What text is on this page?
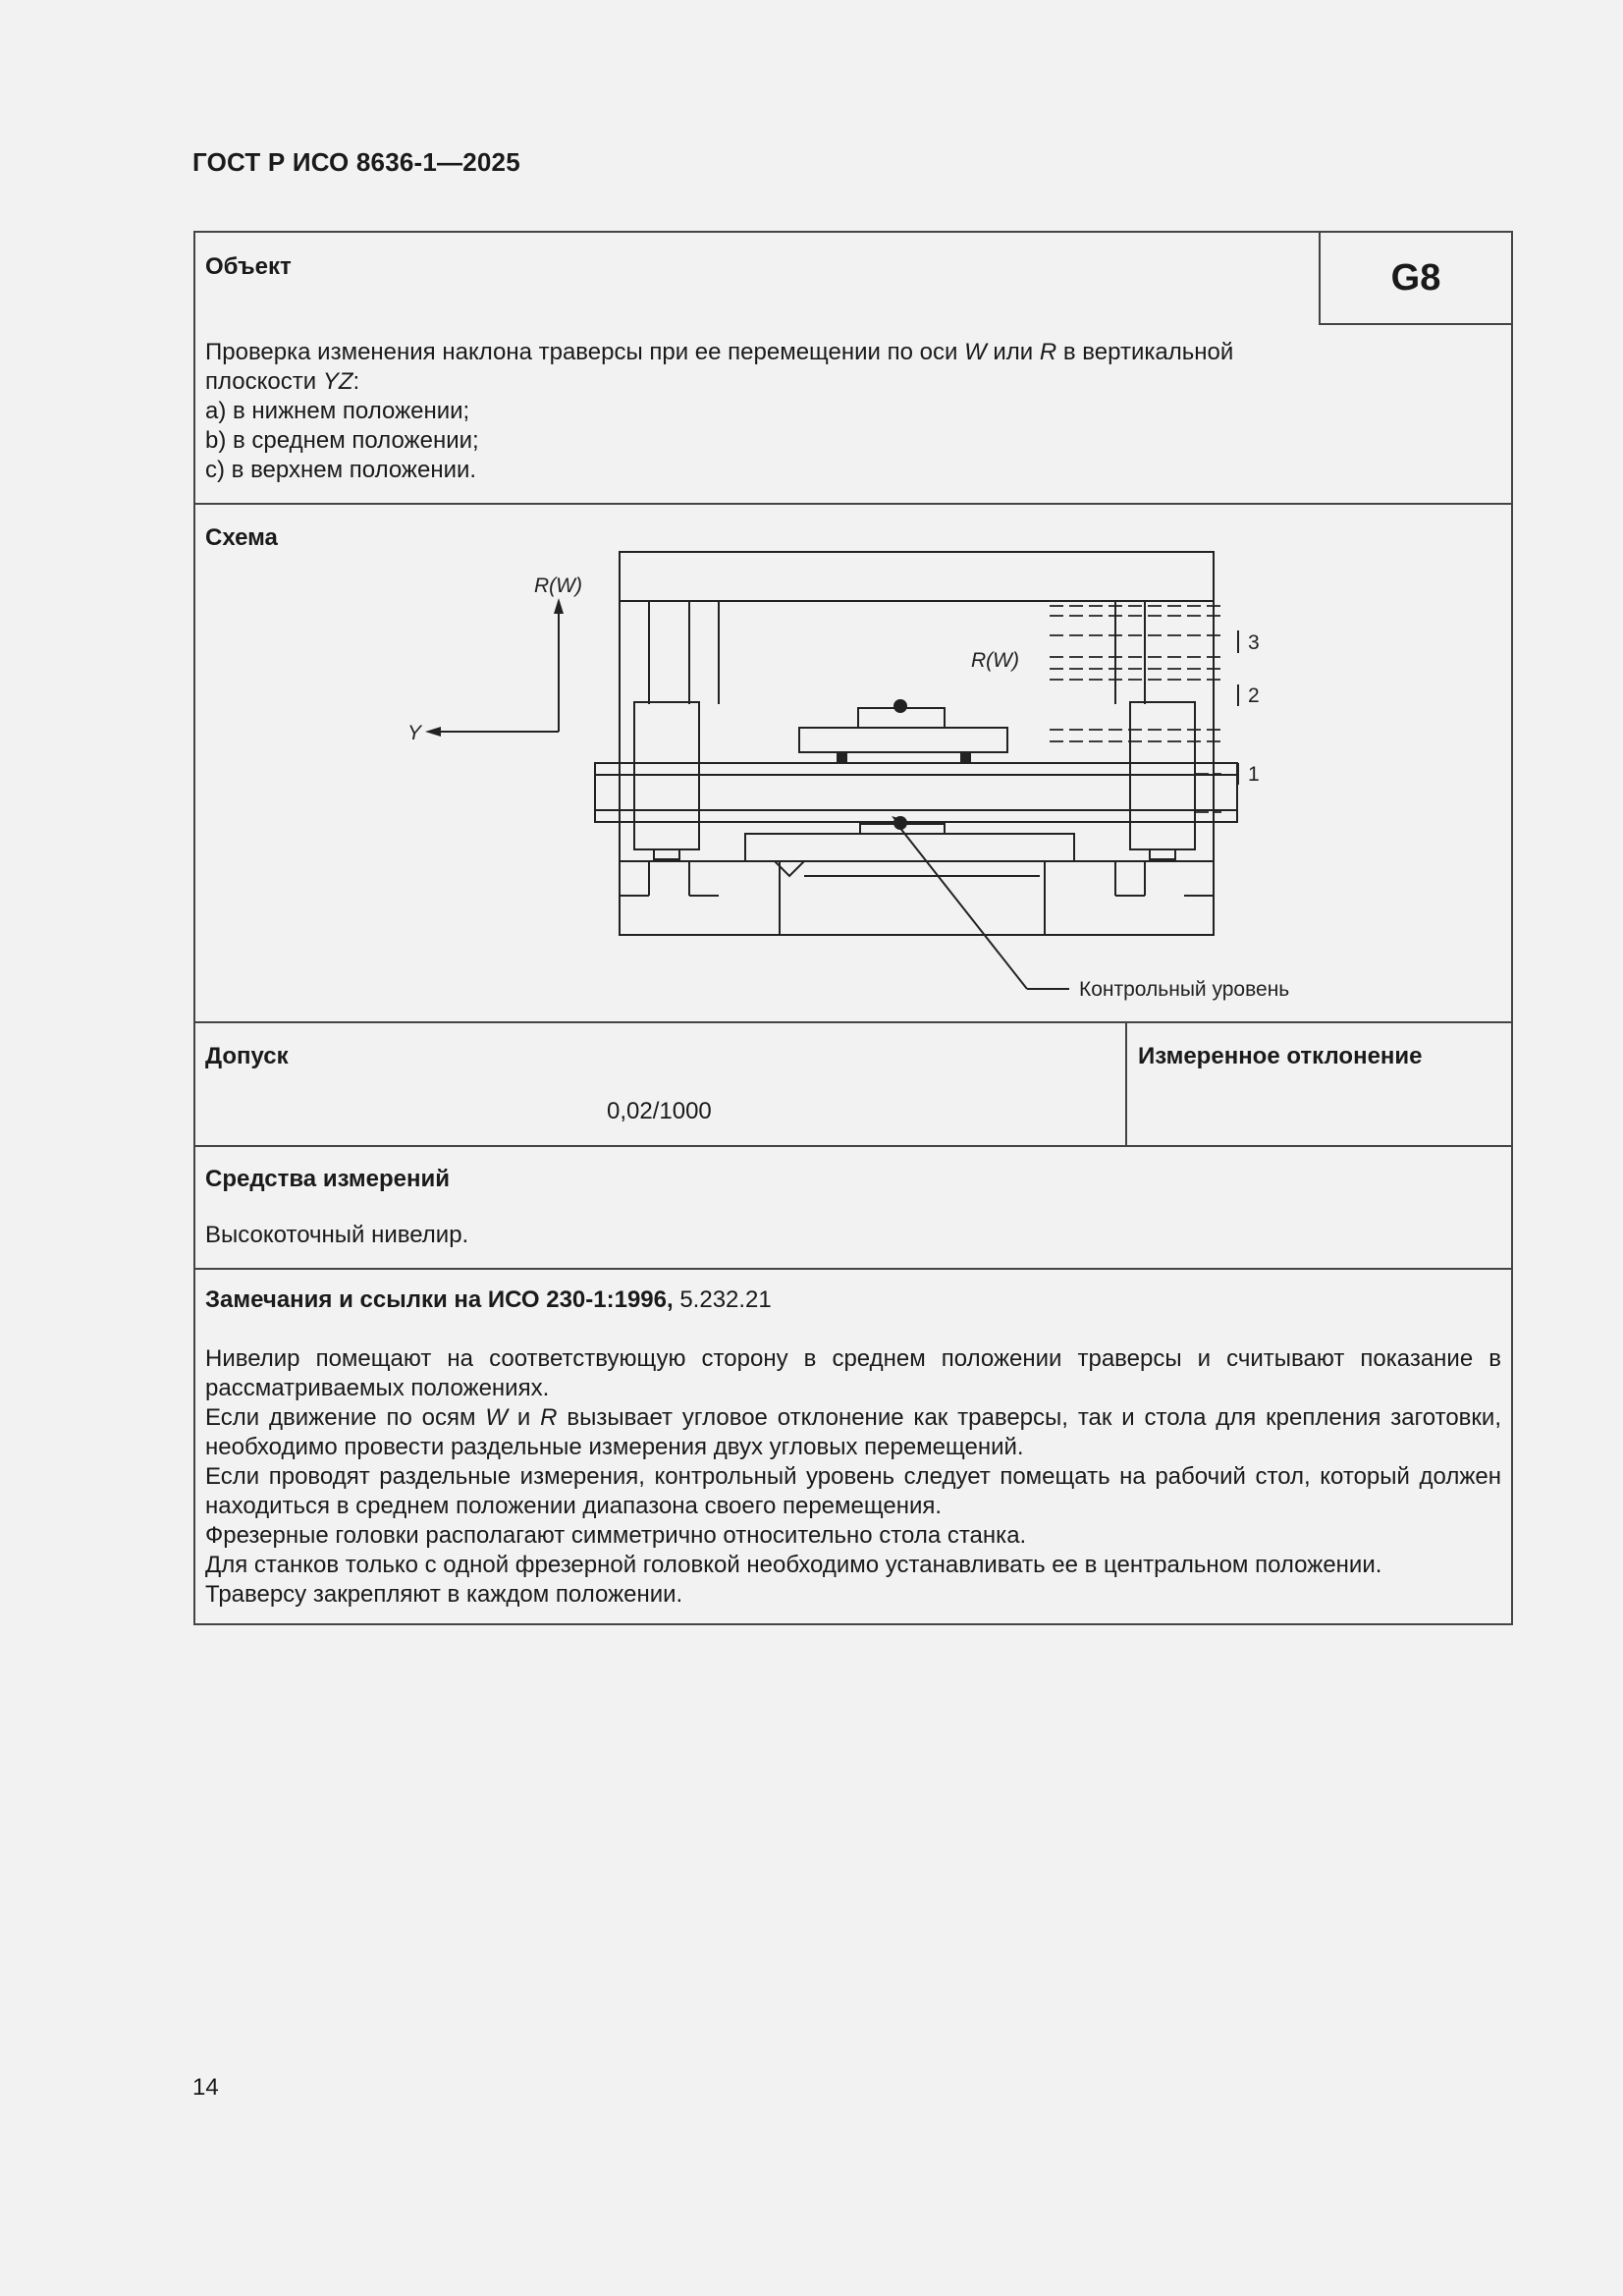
ГОСТ Р ИСО 8636-1—2025
Объект	G8
Проверка изменения наклона траверсы при ее перемещении по оси W или R в вертикальной
плоскости YZ:
a) в нижнем положении;
b) в среднем положении;
c) в верхнем положении.
Схема
R(W)
Y
R(W)
3
2
1
Контрольный уровень
Допуск
0,02/1000
Измеренное отклонение
Средства измерений
Высокоточный нивелир.
Замечания и ссылки на ИСО 230-1:1996, 5.232.21
Нивелир помещают на соответствующую сторону в среднем положении траверсы и считывают показание в рассматриваемых положениях.
Если движение по осям W и R вызывает угловое отклонение как траверсы, так и стола для крепления заготовки, необходимо провести раздельные измерения двух угловых перемещений.
Если проводят раздельные измерения, контрольный уровень следует помещать на рабочий стол, который должен находиться в среднем положении диапазона своего перемещения.
Фрезерные головки располагают симметрично относительно стола станка.
Для станков только с одной фрезерной головкой необходимо устанавливать ее в центральном положении.
Траверсу закрепляют в каждом положении.
14
